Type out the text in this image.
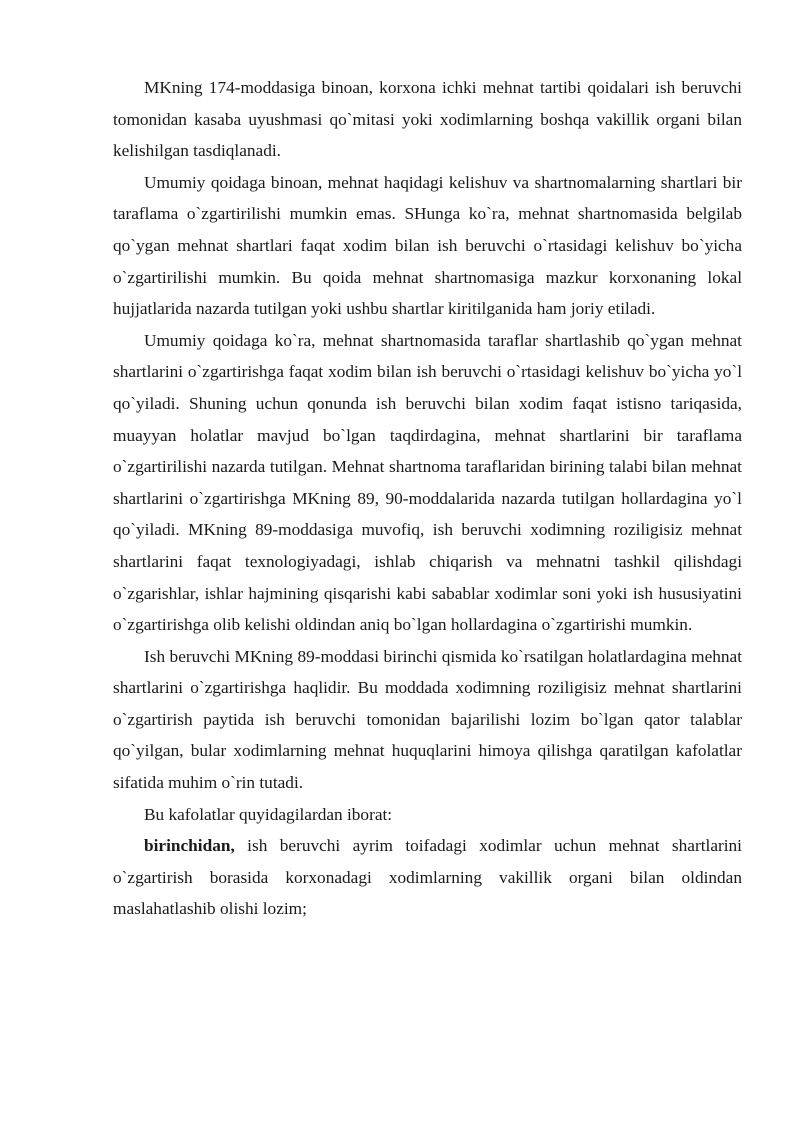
MKning 174-moddasiga binoan, korxona ichki mehnat tartibi qoidalari ish beruvchi tomonidan kasaba uyushmasi qo`mitasi yoki xodimlarning boshqa vakillik organi bilan kelishilgan tasdiqlanadi.

Umumiy qoidaga binoan, mehnat haqidagi kelishuv va shartnomalarning shartlari bir taraflama o`zgartirilishi mumkin emas. SHunga ko`ra, mehnat shartnomasida belgilab qo`ygan mehnat shartlari faqat xodim bilan ish beruvchi o`rtasidagi kelishuv bo`yicha o`zgartirilishi mumkin. Bu qoida mehnat shartnomasiga mazkur korxonaning lokal hujjatlarida nazarda tutilgan yoki ushbu shartlar kiritilganida ham joriy etiladi.

Umumiy qoidaga ko`ra, mehnat shartnomasida taraflar shartlashib qo`ygan mehnat shartlarini o`zgartirishga faqat xodim bilan ish beruvchi o`rtasidagi kelishuv bo`yicha yo`l qo`yiladi. Shuning uchun qonunda ish beruvchi bilan xodim faqat istisno tariqasida, muayyan holatlar mavjud bo`lgan taqdirdagina, mehnat shartlarini bir taraflama o`zgartirilishi nazarda tutilgan. Mehnat shartnoma taraflaridan birining talabi bilan mehnat shartlarini o`zgartirishga MKning 89, 90-moddalarida nazarda tutilgan hollardagina yo`l qo`yiladi. MKning 89-moddasiga muvofiq, ish beruvchi xodimning roziligisiz mehnat shartlarini faqat texnologiyadagi, ishlab chiqarish va mehnatni tashkil qilishdagi o`zgarishlar, ishlar hajmining qisqarishi kabi sabablar xodimlar soni yoki ish hususiyatini o`zgartirishga olib kelishi oldindan aniq bo`lgan hollardagina o`zgartirishi mumkin.

Ish beruvchi MKning 89-moddasi birinchi qismida ko`rsatilgan holatlardagina mehnat shartlarini o`zgartirishga haqlidir. Bu moddada xodimning roziligisiz mehnat shartlarini o`zgartirish paytida ish beruvchi tomonidan bajarilishi lozim bo`lgan qator talablar qo`yilgan, bular xodimlarning mehnat huquqlarini himoya qilishga qaratilgan kafolatlar sifatida muhim o`rin tutadi.

Bu kafolatlar quyidagilardan iborat:

birinchidan, ish beruvchi ayrim toifadagi xodimlar uchun mehnat shartlarini o`zgartirish borasida korxonadagi xodimlarning vakillik organi bilan oldindan maslahatlashib olishi lozim;
